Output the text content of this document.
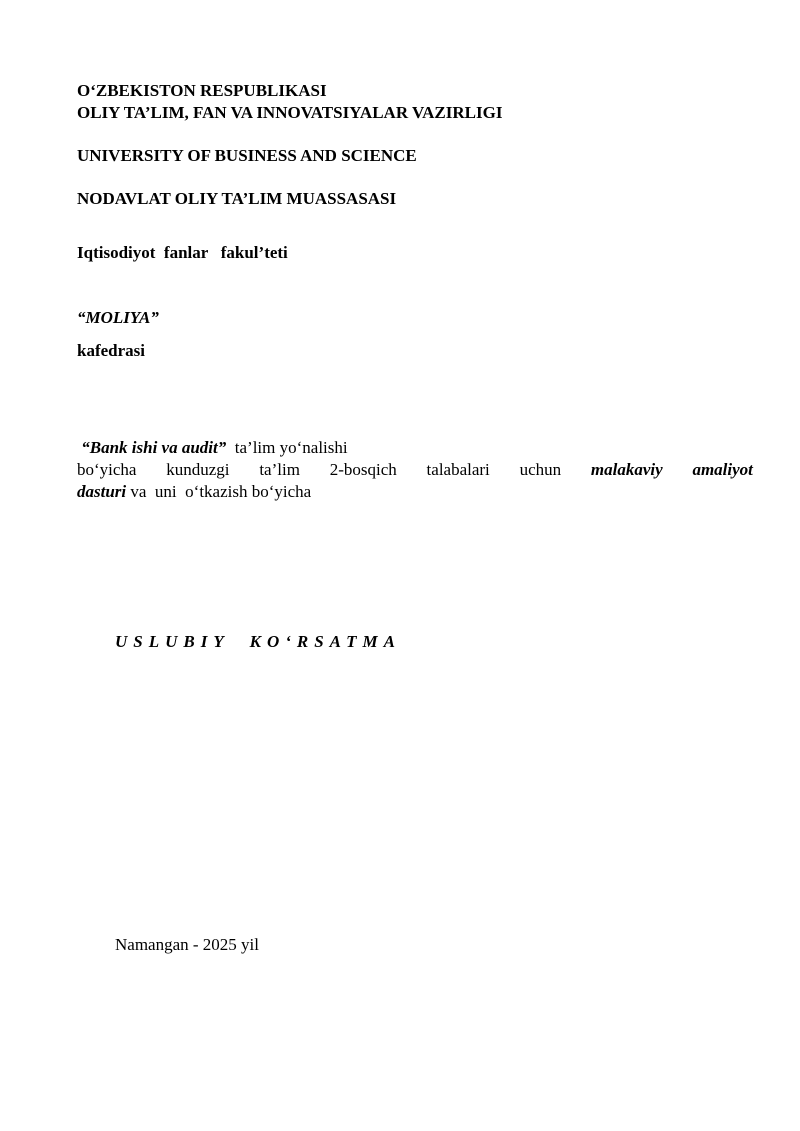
O‘ZBEKISTON RESPUBLIKASI
OLIY TA’LIM, FAN VA INNOVATSIYALAR VAZIRLIGI
UNIVERSITY OF BUSINESS AND SCIENCE
NODAVLAT OLIY TA’LIM MUASSASASI
Iqtisodiyot  fanlar   fakul’teti
“MOLIYA”
kafedrasi
“Bank ishi va audit” ta’lim yo‘nalishi
bo‘yicha kunduzgi ta’lim 2-bosqich talabalari uchun malakaviy amaliyot
dasturi va  uni  o‘tkazish bo‘yicha
USLUBIY  KO‘RSATMA
Namangan - 2025 yil
